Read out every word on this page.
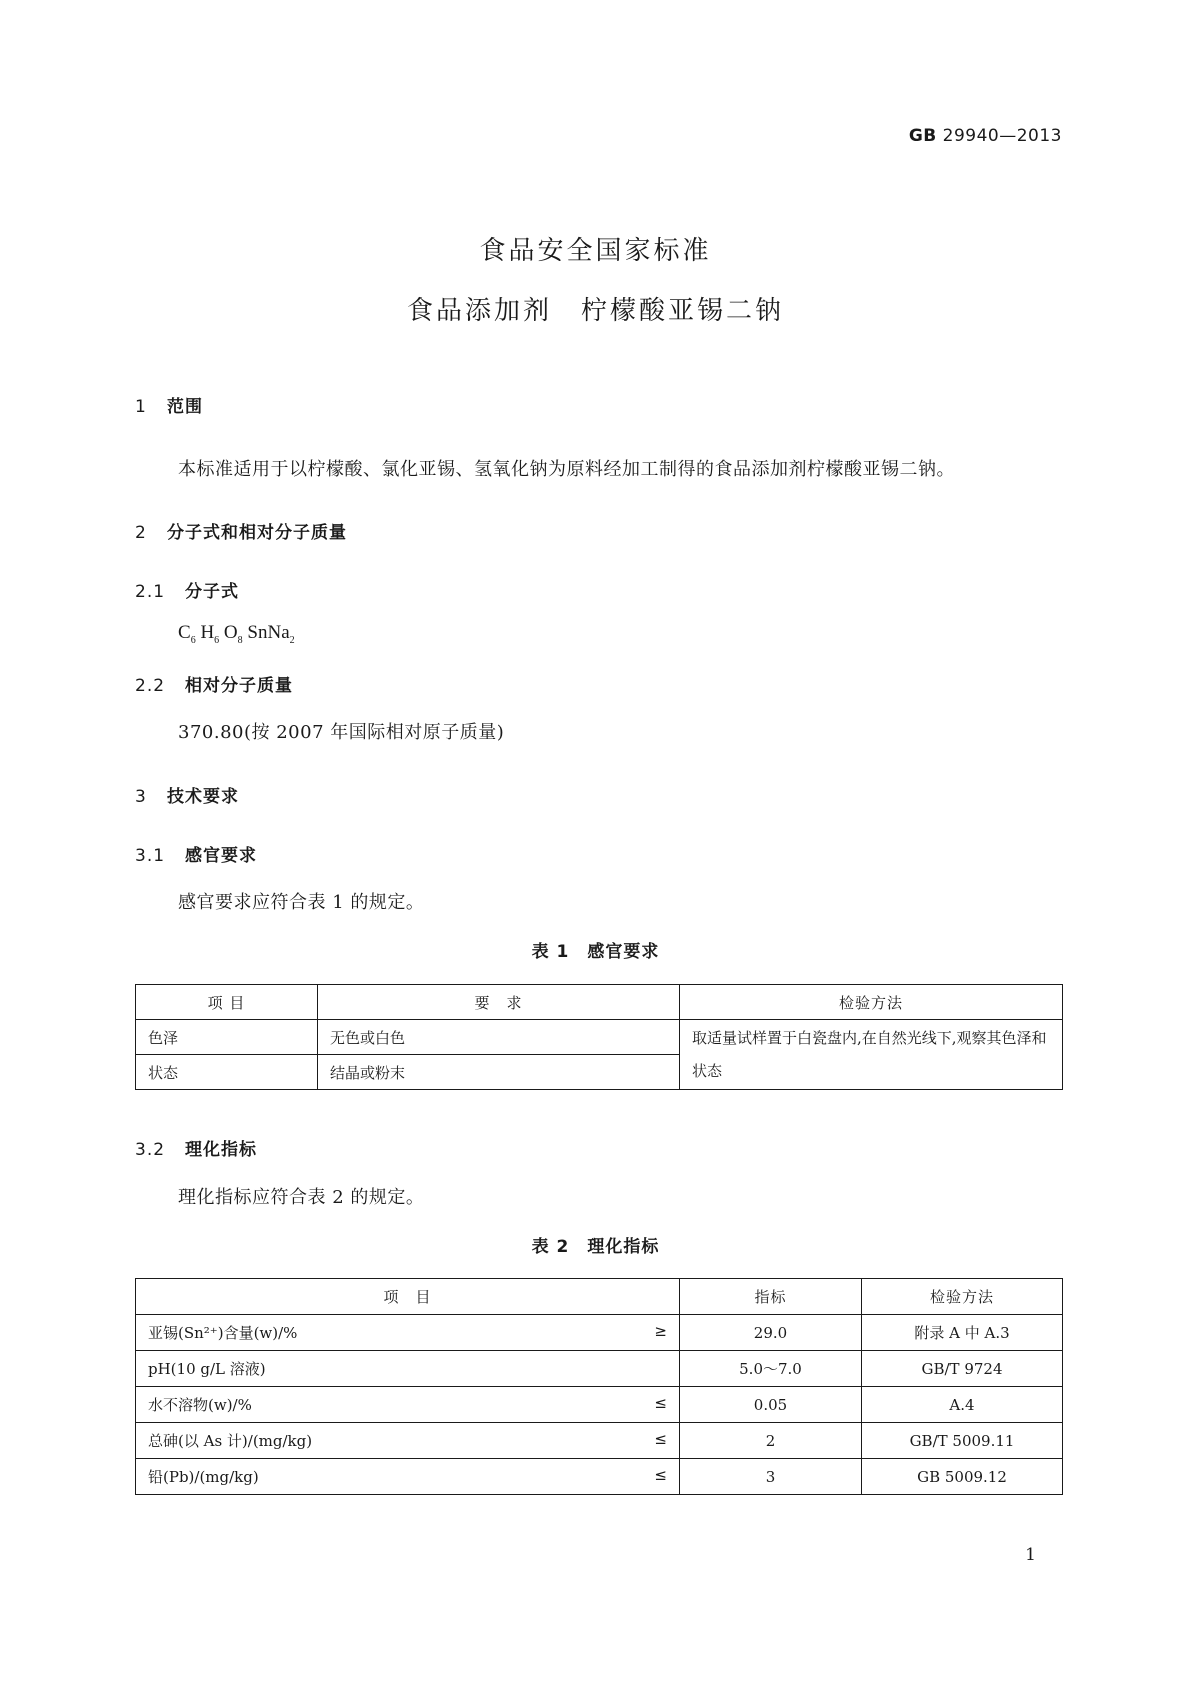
GB 29940—2013
食品安全国家标准
食品添加剂　柠檬酸亚锡二钠
1 范围
本标准适用于以柠檬酸、氯化亚锡、氢氧化钠为原料经加工制得的食品添加剂柠檬酸亚锡二钠。
2 分子式和相对分子质量
2.1 分子式
$C_6$ $H_6$ $O_8$ SnNa$_2$
2.2 相对分子质量
370.80(按 2007 年国际相对原子质量)
3 技术要求
3.1 感官要求
感官要求应符合表 1 的规定。
表 1　感官要求
项 目	要　求	检验方法
色泽	无色或白色	取适量试样置于白瓷盘内,在自然光线下,观察其色泽和状态
状态	结晶或粉末	
3.2 理化指标
理化指标应符合表 2 的规定。
表 2　理化指标
项　目	指标	检验方法
亚锡(Sn²⁺)含量(w)/% ≥	29.0	附录 A 中 A.3
pH(10 g/L 溶液)	5.0～7.0	GB/T 9724
水不溶物(w)/% ≤	0.05	A.4
总砷(以 As 计)/(mg/kg) ≤	2	GB/T 5009.11
铅(Pb)/(mg/kg) ≤	3	GB 5009.12
1
